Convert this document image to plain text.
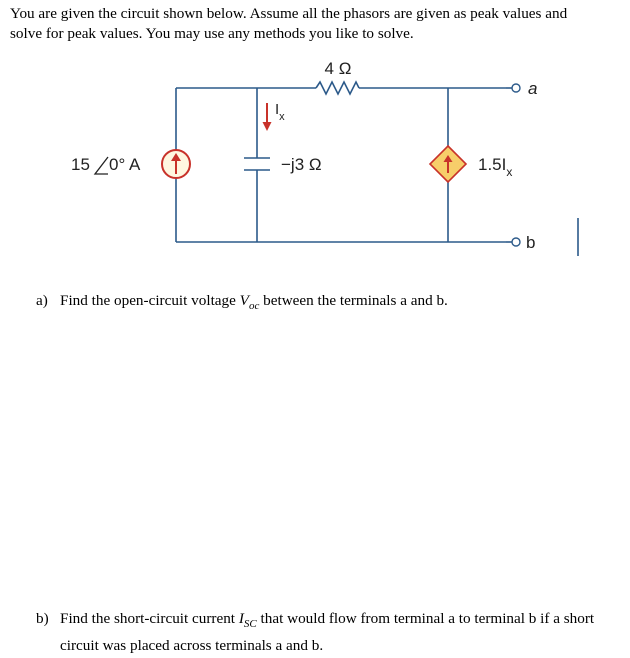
You are given the circuit shown below. Assume all the phasors are given as peak values and
solve for peak values. You may use any methods you like to solve.
4 Ω
−j3 Ω
15 0° A
$I_x$
$1.5I_x$
a
b
a) Find the open-circuit voltage $V_{oc}$ between the terminals a and b.
b) Find the short-circuit current $I_{SC}$ that would flow from terminal a to terminal b if a short
circuit was placed across terminals a and b.
